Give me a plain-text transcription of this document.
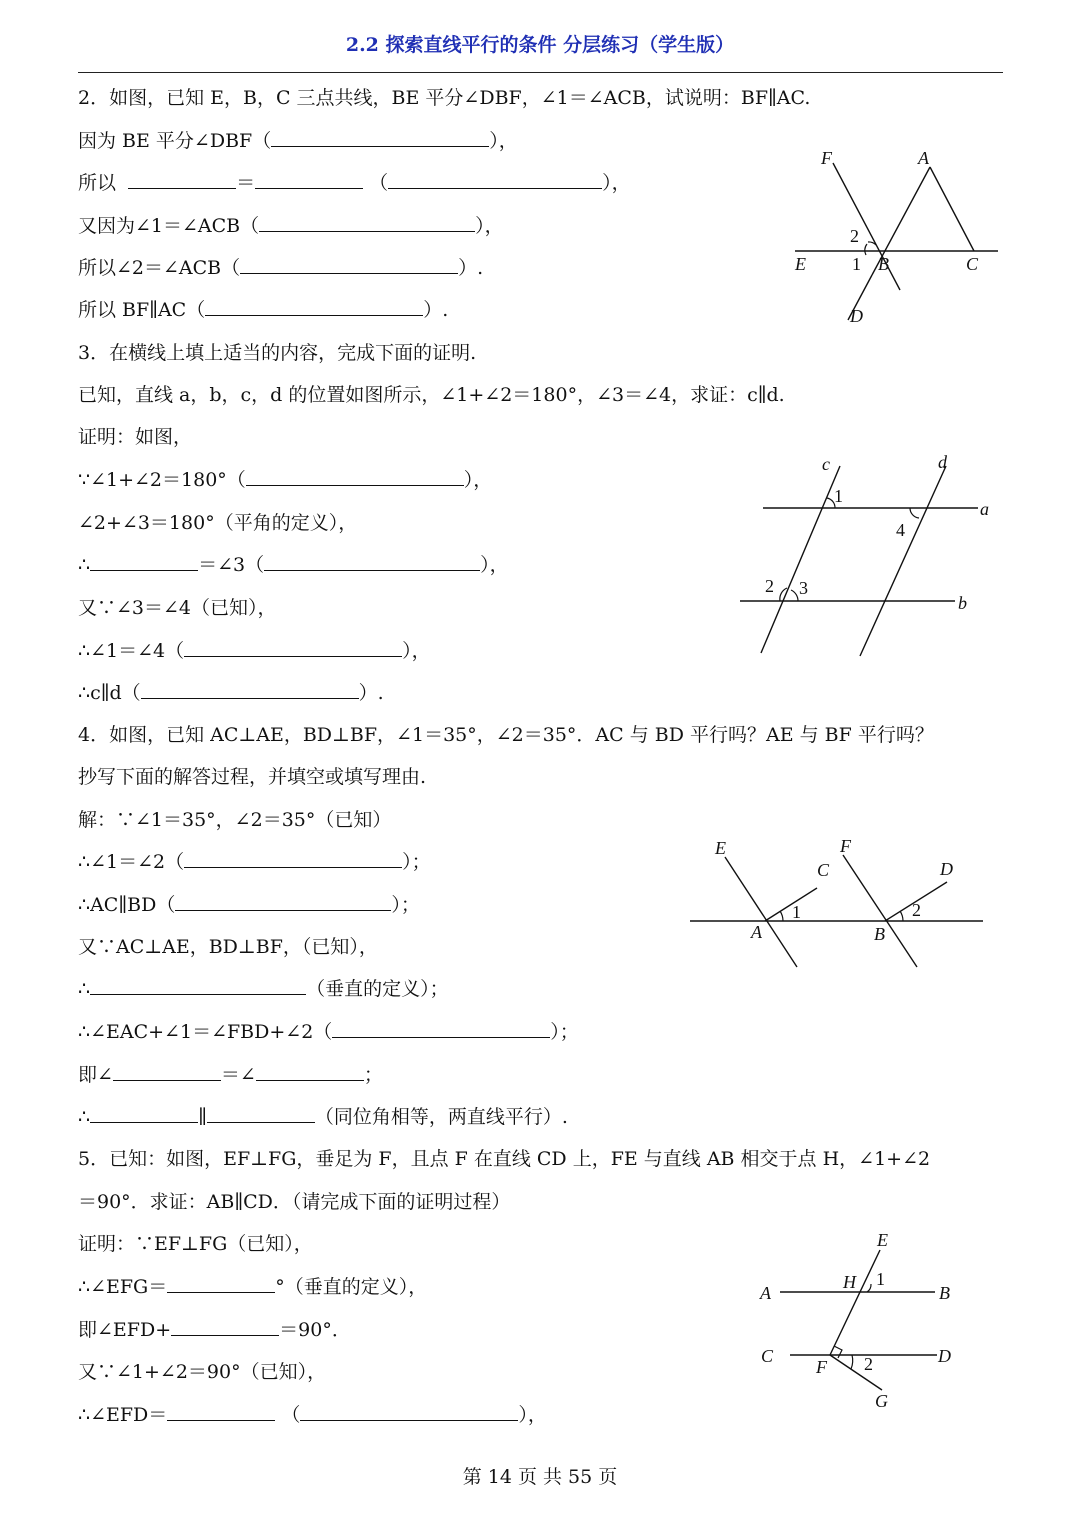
2.2 探索直线平行的条件 分层练习（学生版）
2．如图，已知 E，B，C 三点共线，BE 平分∠DBF，∠1＝∠ACB，试说明：BF∥AC.
因为 BE 平分∠DBF（	），
所以	＝	（	），
又因为∠1＝∠ACB（	），
所以∠2＝∠ACB（	）.
所以 BF∥AC（	）.
F	A
2
E	1 B	C
D
3．在横线上填上适当的内容，完成下面的证明.
已知，直线 a，b，c，d 的位置如图所示，∠1+∠2＝180°，∠3＝∠4，求证：c∥d.
证明：如图，
∵∠1+∠2＝180°（	），
∠2+∠3＝180°（平角的定义），
∴	＝∠3（	），
又∵∠3＝∠4（已知），
∴∠1＝∠4（	），
∴c∥d（	）.
c	d
1
a
4
2 3
b
4．如图，已知 AC⊥AE，BD⊥BF，∠1＝35°，∠2＝35°．AC 与 BD 平行吗？AE 与 BF 平行吗？
抄写下面的解答过程，并填空或填写理由.
解：∵∠1＝35°，∠2＝35°（已知）
∴∠1＝∠2（	）；
∴AC∥BD（	）；
又∵AC⊥AE，BD⊥BF，（已知），
∴	（垂直的定义）；
∴∠EAC+∠1＝∠FBD+∠2（	）；
即∠	＝∠	；
∴	∥	（同位角相等，两直线平行）.
E
C
1
A
F
D
2
B
5．已知：如图，EF⊥FG，垂足为 F，且点 F 在直线 CD 上，FE 与直线 AB 相交于点 H，∠1+∠2
＝90°．求证：AB∥CD．（请完成下面的证明过程）
证明：∵EF⊥FG（已知），
∴∠EFG＝	°（垂直的定义），
即∠EFD+	＝90°．
又∵∠1+∠2＝90°（已知），
∴∠EFD＝	（	），
E
A
H 1
B
C
F 2	D
G
第 14 页 共 55 页
